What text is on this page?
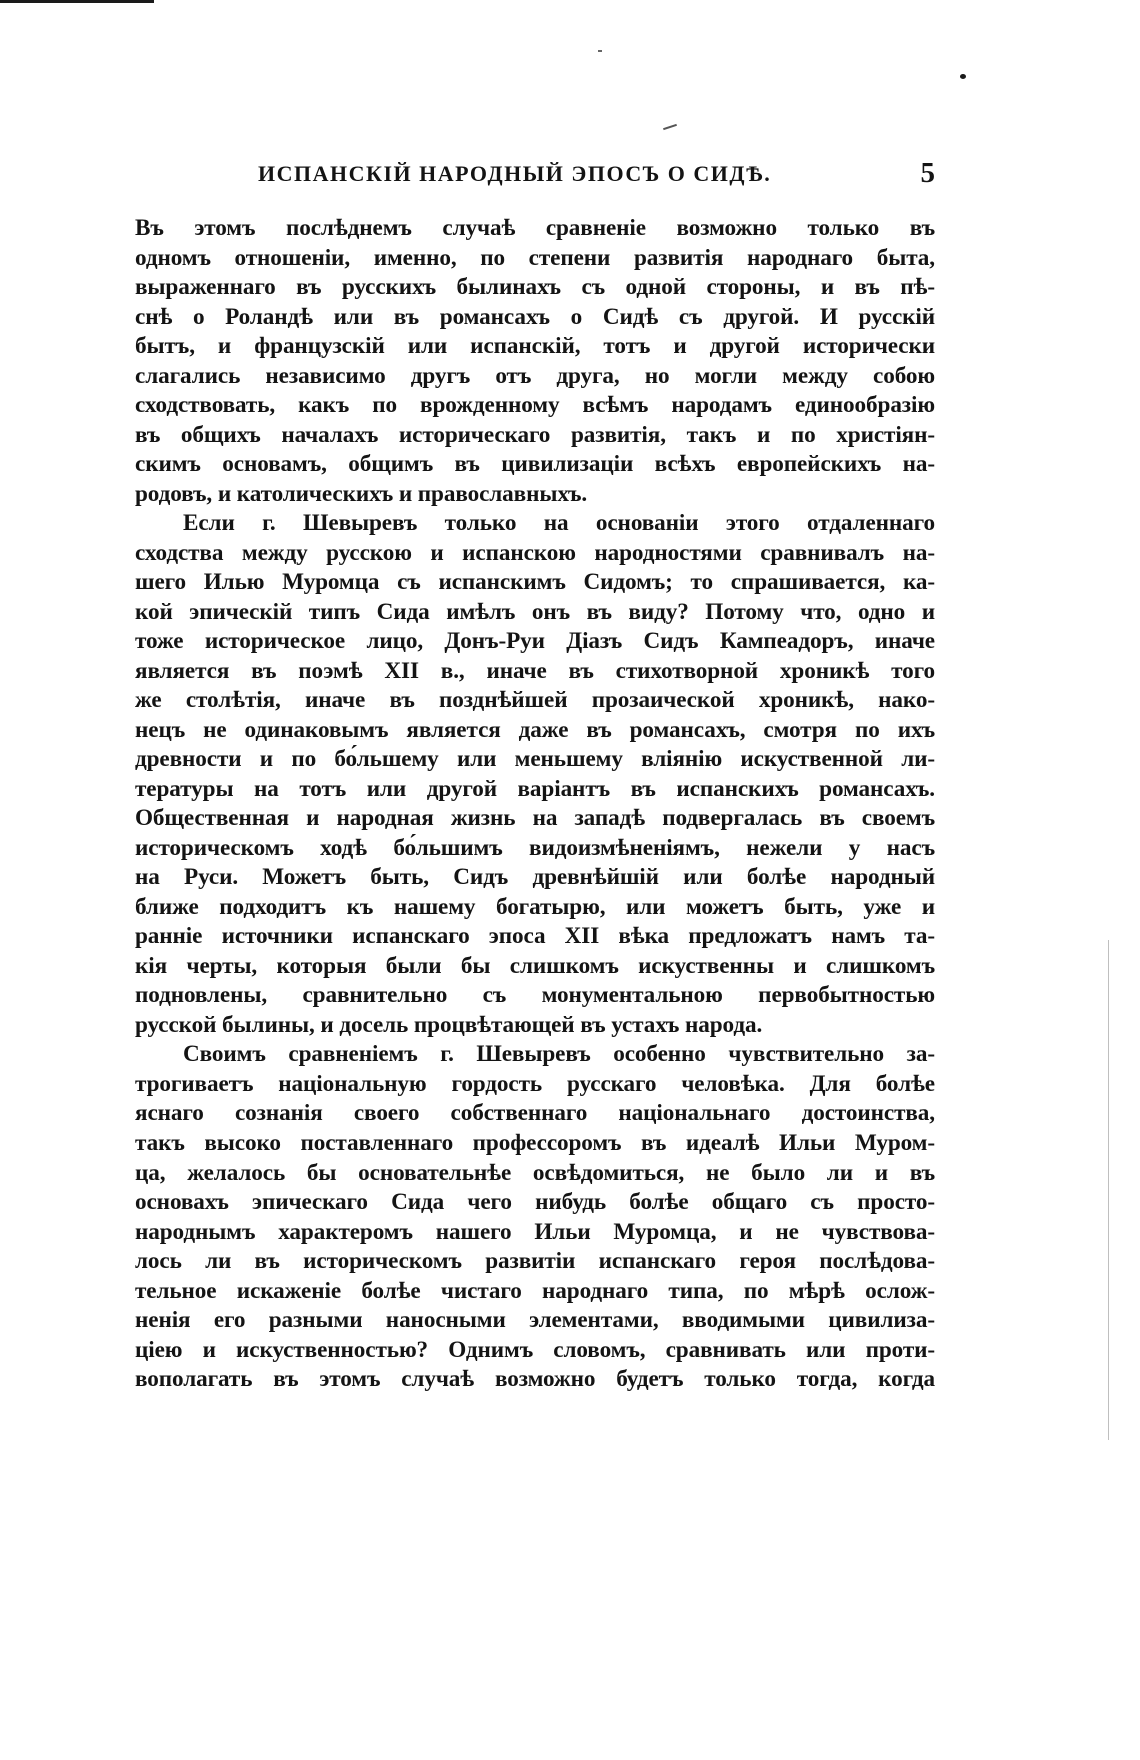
ИСПАНСКІЙ НАРОДНЫЙ ЭПОСЪ О СИДѢ.	5
Въ этомъ послѣднемъ случаѣ сравненіе возможно только въ
одномъ отношеніи, именно, по степени развитія народнаго быта,
выраженнаго въ русскихъ былинахъ съ одной стороны, и въ пѣ-
снѣ о Роландѣ или въ романсахъ о Сидѣ съ другой. И русскій
бытъ, и французскій или испанскій, тотъ и другой исторически
слагались независимо другъ отъ друга, но могли между собою
сходствовать, какъ по врожденному всѣмъ народамъ единообразію
въ общихъ началахъ историческаго развитія, такъ и по христіян-
скимъ основамъ, общимъ въ цивилизаціи всѣхъ европейскихъ на-
родовъ, и католическихъ и православныхъ.
Если г. Шевыревъ только на основаніи этого отдаленнаго
сходства между русскою и испанскою народностями сравнивалъ на-
шего Илью Муромца съ испанскимъ Сидомъ; то спрашивается, ка-
кой эпическій типъ Сида имѣлъ онъ въ виду? Потому что, одно и
тоже историческое лицо, Донъ-Руи Діазъ Сидъ Кампеадоръ, иначе
является въ поэмѣ XII в., иначе въ стихотворной хроникѣ того
же столѣтія, иначе въ позднѣйшей прозаической хроникѣ, нако-
нецъ не одинаковымъ является даже въ романсахъ, смотря по ихъ
древности и по бо́льшему или меньшему вліянію искуственной ли-
тературы на тотъ или другой варіантъ въ испанскихъ романсахъ.
Общественная и народная жизнь на западѣ подвергалась въ своемъ
историческомъ ходѣ бо́льшимъ видоизмѣненіямъ, нежели у насъ
на Руси. Можетъ быть, Сидъ древнѣйшій или болѣе народный
ближе подходитъ къ нашему богатырю, или можетъ быть, уже и
ранніе источники испанскаго эпоса XII вѣка предложатъ намъ та-
кія черты, которыя были бы слишкомъ искуственны и слишкомъ
подновлены, сравнительно съ монументальною первобытностью
русской былины, и досель процвѣтающей въ устахъ народа.
Своимъ сравненіемъ г. Шевыревъ особенно чувствительно за-
трогиваетъ національную гордость русскаго человѣка. Для болѣе
яснаго сознанія своего собственнаго національнаго достоинства,
такъ высоко поставленнаго профессоромъ въ идеалѣ Ильи Муром-
ца, желалось бы основательнѣе освѣдомиться, не было ли и въ
основахъ эпическаго Сида чего нибудь болѣе общаго съ просто-
народнымъ характеромъ нашего Ильи Муромца, и не чувствова-
лось ли въ историческомъ развитіи испанскаго героя послѣдова-
тельное искаженіе болѣе чистаго народнаго типа, по мѣрѣ ослож-
ненія его разными наносными элементами, вводимыми цивилиза-
ціею и искуственностью? Однимъ словомъ, сравнивать или проти-
вополагать въ этомъ случаѣ возможно будетъ только тогда, когда
